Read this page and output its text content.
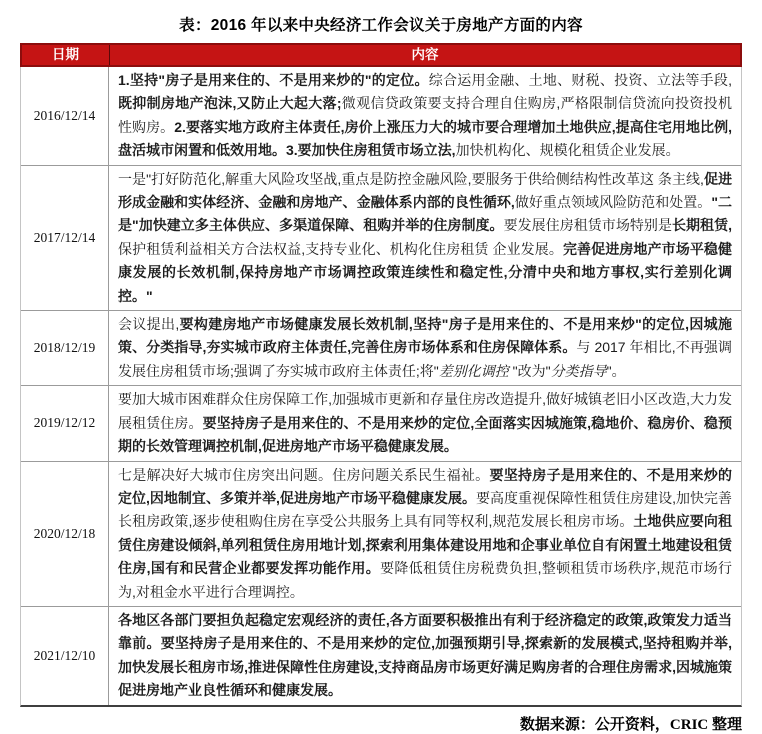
表：2016 年以来中央经济工作会议关于房地产方面的内容
日期	内容
2016/12/14
1.坚持"房子是用来住的、不是用来炒的"的定位。综合运用金融、土地、财税、投资、立法等手段,既抑制房地产泡沫,又防止大起大落;微观信贷政策要支持合理自住购房,严格限制信贷流向投资投机性购房。2.要落实地方政府主体责任,房价上涨压力大的城市要合理增加土地供应,提高住宅用地比例,盘活城市闲置和低效用地。3.要加快住房租赁市场立法,加快机构化、规模化租赁企业发展。
2017/12/14
一是"打好防范化,解重大风险攻坚战,重点是防控金融风险,要服务于供给侧结构性改革这 条主线,促进形成金融和实体经济、金融和房地产、金融体系内部的良性循环,做好重点领域风险防范和处置。"二是"加快建立多主体供应、多渠道保障、租购并举的住房制度。要发展住房租赁市场特别是长期租赁,保护租赁利益相关方合法权益,支持专业化、机构化住房租赁 企业发展。完善促进房地产市场平稳健康发展的长效机制,保持房地产市场调控政策连续性和稳定性,分清中央和地方事权,实行差别化调控。"
2018/12/19
会议提出,要构建房地产市场健康发展长效机制,坚持"房子是用来住的、不是用来炒"的定位,因城施策、分类指导,夯实城市政府主体责任,完善住房市场体系和住房保障体系。与 2017 年相比,不再强调发展住房租赁市场;强调了夯实城市政府主体责任;将"差别化调控 "改为"分类指导"。
2019/12/12
要加大城市困难群众住房保障工作,加强城市更新和存量住房改造提升,做好城镇老旧小区改造,大力发展租赁住房。要坚持房子是用来住的、不是用来炒的定位,全面落实因城施策,稳地价、稳房价、稳预期的长效管理调控机制,促进房地产市场平稳健康发展。
2020/12/18
七是解决好大城市住房突出问题。住房问题关系民生福祉。要坚持房子是用来住的、不是用来炒的定位,因地制宜、多策并举,促进房地产市场平稳健康发展。要高度重视保障性租赁住房建设,加快完善长租房政策,逐步使租购住房在享受公共服务上具有同等权利,规范发展长租房市场。土地供应要向租赁住房建设倾斜,单列租赁住房用地计划,探索利用集体建设用地和企事业单位自有闲置土地建设租赁住房,国有和民营企业都要发挥功能作用。要降低租赁住房税费负担,整顿租赁市场秩序,规范市场行为,对租金水平进行合理调控。
2021/12/10
各地区各部门要担负起稳定宏观经济的责任,各方面要积极推出有利于经济稳定的政策,政策发力适当靠前。要坚持房子是用来住的、不是用来炒的定位,加强预期引导,探索新的发展模式,坚持租购并举,加快发展长租房市场,推进保障性住房建设,支持商品房市场更好满足购房者的合理住房需求,因城施策促进房地产业良性循环和健康发展。
数据来源：公开资料，CRIC 整理
